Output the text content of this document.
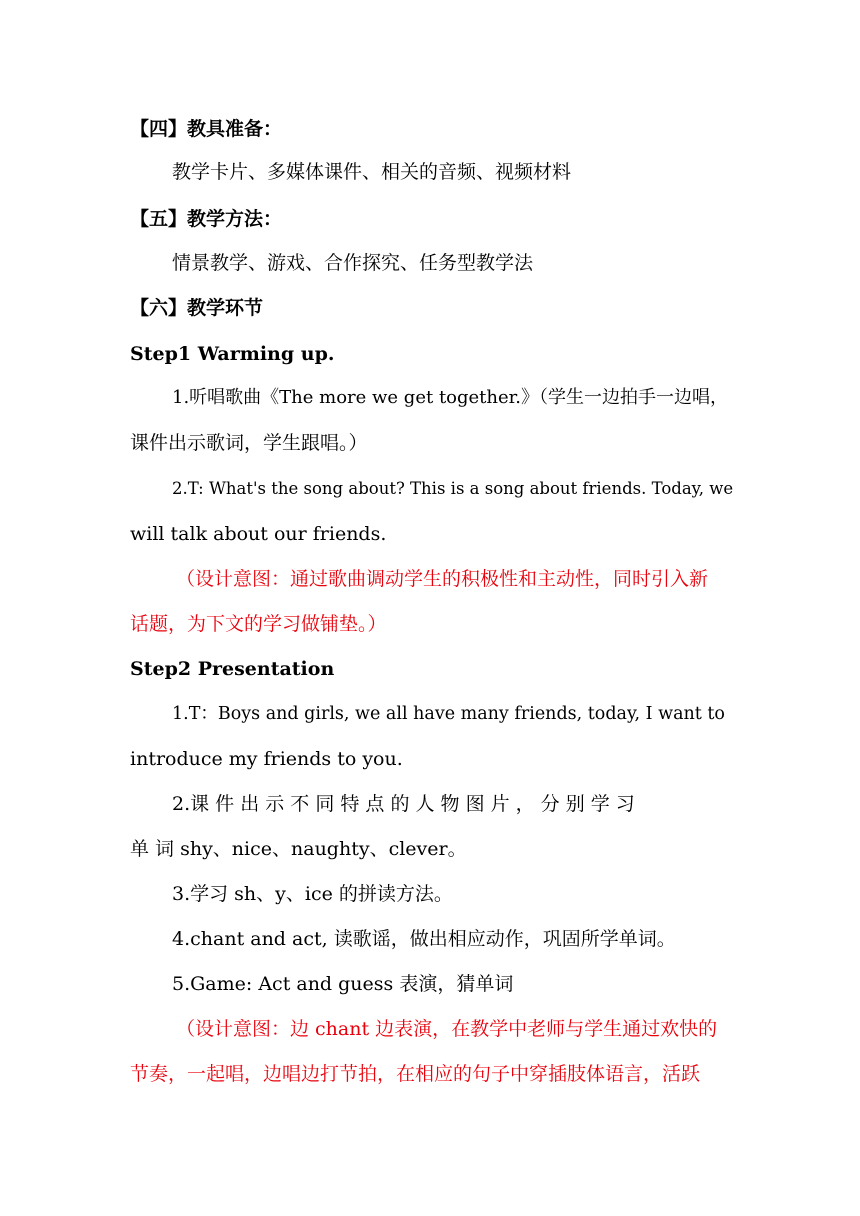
【四】教具准备：
教学卡片、多媒体课件、相关的音频、视频材料
【五】教学方法：
情景教学、游戏、合作探究、任务型教学法
【六】教学环节
Step1 Warming up.
1.听唱歌曲《The more we get together.》（学生一边拍手一边唱，
课件出示歌词，学生跟唱。）
2.T: What's the song about? This is a song about friends. Today, we
will talk about our friends.
（设计意图：通过歌曲调动学生的积极性和主动性，同时引入新
话题，为下文的学习做铺垫。）
Step2 Presentation
1.T：Boys and girls, we all have many friends, today, I want to
introduce my friends to you.
2.课 件 出 示 不 同 特 点 的 人 物 图 片 ， 分 别 学 习
单 词 shy、nice、naughty、clever。
3.学习 sh、y、ice 的拼读方法。
4.chant and act, 读歌谣，做出相应动作，巩固所学单词。
5.Game: Act and guess 表演，猜单词
（设计意图：边 chant 边表演，在教学中老师与学生通过欢快的
节奏，一起唱，边唱边打节拍，在相应的句子中穿插肢体语言，活跃
